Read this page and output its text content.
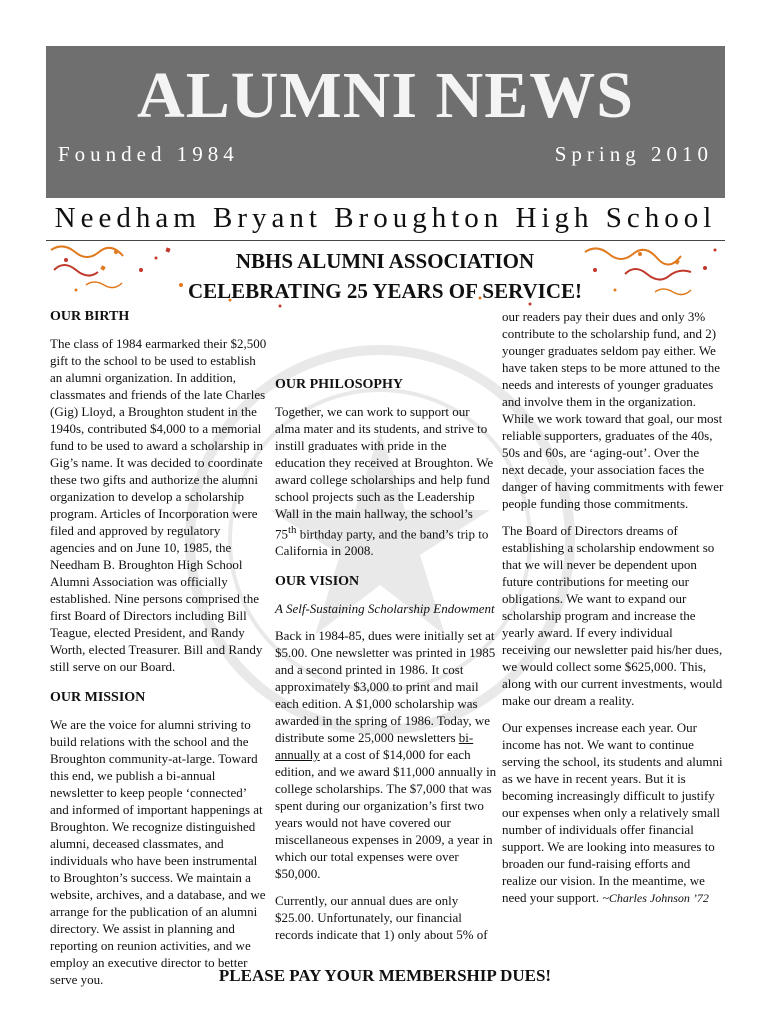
ALUMNI NEWS
Founded 1984	Spring 2010
Needham Bryant Broughton High School
NBHS ALUMNI ASSOCIATION
CELEBRATING 25 YEARS OF SERVICE!
OUR BIRTH

The class of 1984 earmarked their $2,500 gift to the school to be used to establish an alumni organization. In addition, classmates and friends of the late Charles (Gig) Lloyd, a Broughton student in the 1940s, contributed $4,000 to a memorial fund to be used to award a scholarship in Gig’s name. It was decided to coordinate these two gifts and authorize the alumni organization to develop a scholarship program. Articles of Incorporation were filed and approved by regulatory agencies and on June 10, 1985, the Needham B. Broughton High School Alumni Association was officially established. Nine persons comprised the first Board of Directors including Bill Teague, elected President, and Randy Worth, elected Treasurer. Bill and Randy still serve on our Board.

OUR MISSION

We are the voice for alumni striving to build relations with the school and the Broughton community-at-large. Toward this end, we publish a bi-annual newsletter to keep people ‘connected’ and informed of important happenings at Broughton. We recognize distinguished alumni, deceased classmates, and individuals who have been instrumental to Broughton’s success. We maintain a website, archives, and a database, and we arrange for the publication of an alumni directory. We assist in planning and reporting on reunion activities, and we employ an executive director to better serve you.

OUR PHILOSOPHY

Together, we can work to support our alma mater and its students, and strive to instill graduates with pride in the education they received at Broughton. We award college scholarships and help fund school projects such as the Leadership Wall in the main hallway, the school’s 75th birthday party, and the band’s trip to California in 2008.

OUR VISION

A Self-Sustaining Scholarship Endowment

Back in 1984-85, dues were initially set at $5.00. One newsletter was printed in 1985 and a second printed in 1986. It cost approximately $3,000 to print and mail each edition. A $1,000 scholarship was awarded in the spring of 1986. Today, we distribute some 25,000 newsletters bi-annually at a cost of $14,000 for each edition, and we award $11,000 annually in college scholarships. The $7,000 that was spent during our organization’s first two years would not have covered our miscellaneous expenses in 2009, a year in which our total expenses were over $50,000.

Currently, our annual dues are only $25.00. Unfortunately, our financial records indicate that 1) only about 5% of

our readers pay their dues and only 3% contribute to the scholarship fund, and 2) younger graduates seldom pay either. We have taken steps to be more attuned to the needs and interests of younger graduates and involve them in the organization. While we work toward that goal, our most reliable supporters, graduates of the 40s, 50s and 60s, are ‘aging-out’. Over the next decade, your association faces the danger of having commitments with fewer people funding those commitments.

The Board of Directors dreams of establishing a scholarship endowment so that we will never be dependent upon future contributions for meeting our obligations. We want to expand our scholarship program and increase the yearly award. If every individual receiving our newsletter paid his/her dues, we would collect some $625,000. This, along with our current investments, would make our dream a reality.

Our expenses increase each year. Our income has not. We want to continue serving the school, its students and alumni as we have in recent years. But it is becoming increasingly difficult to justify our expenses when only a relatively small number of individuals offer financial support. We are looking into measures to broaden our fund-raising efforts and realize our vision. In the meantime, we need your support. ~Charles Johnson ’72

PLEASE PAY YOUR MEMBERSHIP DUES!
